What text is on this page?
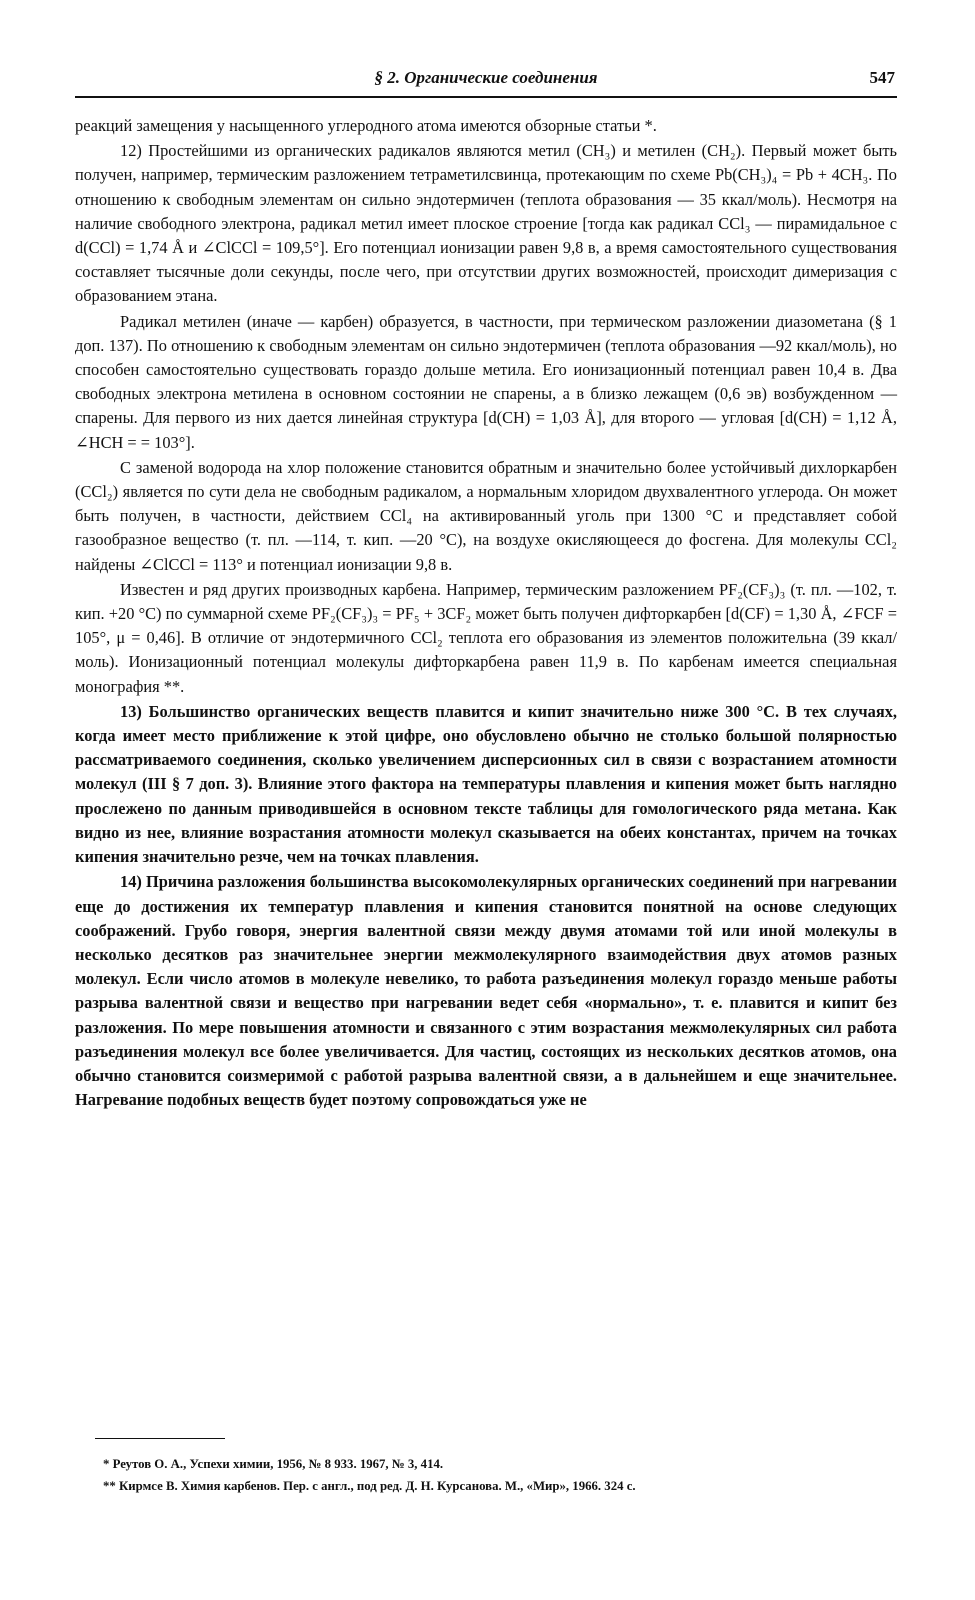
§ 2. Органические соединения	547

реакций замещения у насыщенного углеродного атома имеются обзорные статьи *.

12) Простейшими из органических радикалов являются метил (CH₃) и метилен (CH₂). Первый может быть получен, например, термическим разложением тетраметилсвинца, протекающим по схеме Pb(CH₃)₄ = Pb + 4CH₃. По отношению к свободным элементам он сильно эндотермичен (теплота образования — 35 ккал/моль). Несмотря на наличие свободного электрона, радикал метил имеет плоское строение [тогда как радикал CCl₃ — пирамидальное с d(CCl) = 1,74 Å и ∠ClCCl = 109,5°]. Его потенциал ионизации равен 9,8 в, а время самостоятельного существования составляет тысячные доли секунды, после чего, при отсутствии других возможностей, происходит димеризация с образованием этана.

Радикал метилен (иначе — карбен) образуется, в частности, при термическом разложении диазометана (§ 1 доп. 137). По отношению к свободным элементам он сильно эндотермичен (теплота образования —92 ккал/моль), но способен самостоятельно существовать гораздо дольше метила. Его ионизационный потенциал равен 10,4 в. Два свободных электрона метилена в основном состоянии не спарены, а в близко лежащем (0,6 эв) возбужденном — спарены. Для первого из них дается линейная структура [d(CH) = 1,03 Å], для второго — угловая [d(CH) = 1,12 Å, ∠HCH = = 103°].

С заменой водорода на хлор положение становится обратным и значительно более устойчивый дихлоркарбен (CCl₂) является по сути дела не свободным радикалом, а нормальным хлоридом двухвалентного углерода. Он может быть получен, в частности, действием CCl₄ на активированный уголь при 1300 °C и представляет собой газообразное вещество (т. пл. —114, т. кип. —20 °C), на воздухе окисляющееся до фосгена. Для молекулы CCl₂ найдены ∠ClCCl = 113° и потенциал ионизации 9,8 в.

Известен и ряд других производных карбена. Например, термическим разложением PF₂(CF₃)₃ (т. пл. —102, т. кип. +20 °C) по суммарной схеме PF₂(CF₃)₃ = PF₅ + 3CF₂ может быть получен дифторкарбен [d(CF) = 1,30 Å, ∠FCF = 105°, μ = 0,46]. В отличие от эндотермичного CCl₂ теплота его образования из элементов положительна (39 ккал/моль). Ионизационный потенциал молекулы дифторкарбена равен 11,9 в. По карбенам имеется специальная монография **.

13) Большинство органических веществ плавится и кипит значительно ниже 300 °C. В тех случаях, когда имеет место приближение к этой цифре, оно обусловлено обычно не столько большой полярностью рассматриваемого соединения, сколько увеличением дисперсионных сил в связи с возрастанием атомности молекул (III § 7 доп. 3). Влияние этого фактора на температуры плавления и кипения может быть наглядно прослежено по данным приводившейся в основном тексте таблицы для гомологического ряда метана. Как видно из нее, влияние возрастания атомности молекул сказывается на обеих константах, причем на точках кипения значительно резче, чем на точках плавления.

14) Причина разложения большинства высокомолекулярных органических соединений при нагревании еще до достижения их температур плавления и кипения становится понятной на основе следующих соображений. Грубо говоря, энергия валентной связи между двумя атомами той или иной молекулы в несколько десятков раз значительнее энергии межмолекулярного взаимодействия двух атомов разных молекул. Если число атомов в молекуле невелико, то работа разъединения молекул гораздо меньше работы разрыва валентной связи и вещество при нагревании ведет себя «нормально», т. е. плавится и кипит без разложения. По мере повышения атомности и связанного с этим возрастания межмолекулярных сил работа разъединения молекул все более увеличивается. Для частиц, состоящих из нескольких десятков атомов, она обычно становится соизмеримой с работой разрыва валентной связи, а в дальнейшем и еще значительнее. Нагревание подобных веществ будет поэтому сопровождаться уже не

* Реутов О. А., Успехи химии, 1956, № 8 933. 1967, № 3, 414.
** Кирмсе В. Химия карбенов. Пер. с англ., под ред. Д. Н. Курсанова. М., «Мир», 1966. 324 с.
